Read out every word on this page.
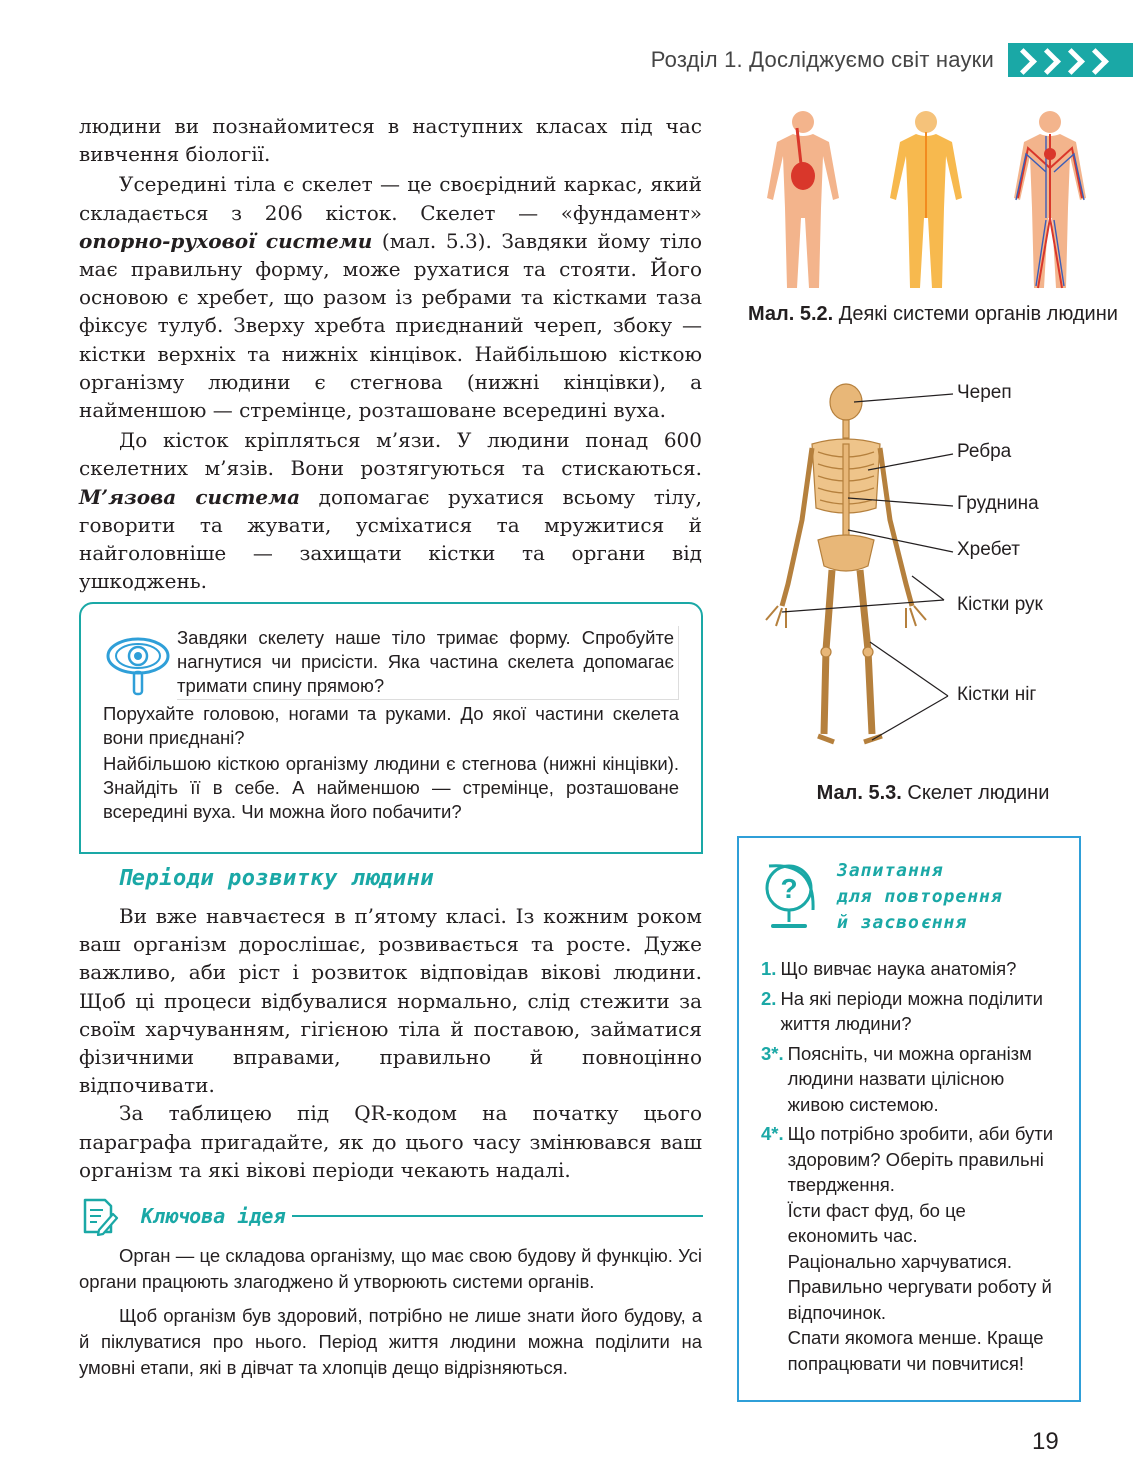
Розділ 1. Досліджуємо світ науки

людини ви познайомитеся в наступних класах під час вивчення біології.

Усередині тіла є скелет — це своєрідний каркас, який складається з 206 кісток. Скелет — «фундамент» опорно-рухової системи (мал. 5.3). Завдяки йому тіло має правильну форму, може рухатися та стояти. Його основою є хребет, що разом із ребрами та кістками таза фіксує тулуб. Зверху хребта приєднаний череп, збоку — кістки верхніх та нижніх кінцівок. Найбільшою кісткою організму людини є стегнова (нижні кінцівки), а найменшою — стремінце, розташоване всередині вуха.

До кісток кріпляться м’язи. У людини понад 600 скелетних м’язів. Вони розтягуються та стискаються. М’язова система допомагає рухатися всьому тілу, говорити та жувати, усміхатися та мружитися й найголовніше — захищати кістки та органи від ушкоджень.

Завдяки скелету наше тіло тримає форму. Спробуйте нагнутися чи присісти. Яка частина скелета допомагає тримати спину прямою?
Порухайте головою, ногами та руками. До якої частини скелета вони приєднані?
Найбільшою кісткою організму людини є стегнова (нижні кінцівки). Знайдіть її в себе. А найменшою — стремінце, розташоване всередині вуха. Чи можна його побачити?
Періоди розвитку людини

Ви вже навчаєтеся в п’ятому класі. Із кожним роком ваш організм дорослішає, розвивається та росте. Дуже важливо, аби ріст і розвиток відповідав вікові людини. Щоб ці процеси відбувалися нормально, слід стежити за своїм харчуванням, гігієною тіла й поставою, займатися фізичними вправами, правильно й повноцінно відпочивати.

За таблицею під QR-кодом на початку цього параграфа пригадайте, як до цього часу змінювався ваш організм та які вікові періоди чекають надалі.

Ключова ідея

Орган — це складова організму, що має свою будову й функцію. Усі органи працюють злагоджено й утворюють системи органів.

Щоб організм був здоровий, потрібно не лише знати його будову, а й піклуватися про нього. Період життя людини можна поділити на умовні етапи, які в дівчат та хлопців дещо відрізняються.

Мал. 5.2. Деякі системи органів людини
Череп
Ребра
Груднина
Хребет
Кістки рук
Кістки ніг
Мал. 5.3. Скелет людини
?
Запитання
для повторення
й засвоєння
1. Що вивчає наука анатомія?
2. На які періоди можна поділити життя людини?
3*. Поясніть, чи можна організм людини назвати цілісною живою системою.
4*. Що потрібно зробити, аби бути здоровим? Оберіть правильні твердження.
Їсти фаст фуд, бо це економить час.
Раціонально харчуватися.
Правильно чергувати роботу й відпочинок.
Спати якомога менше. Краще попрацювати чи повчитися!
19
